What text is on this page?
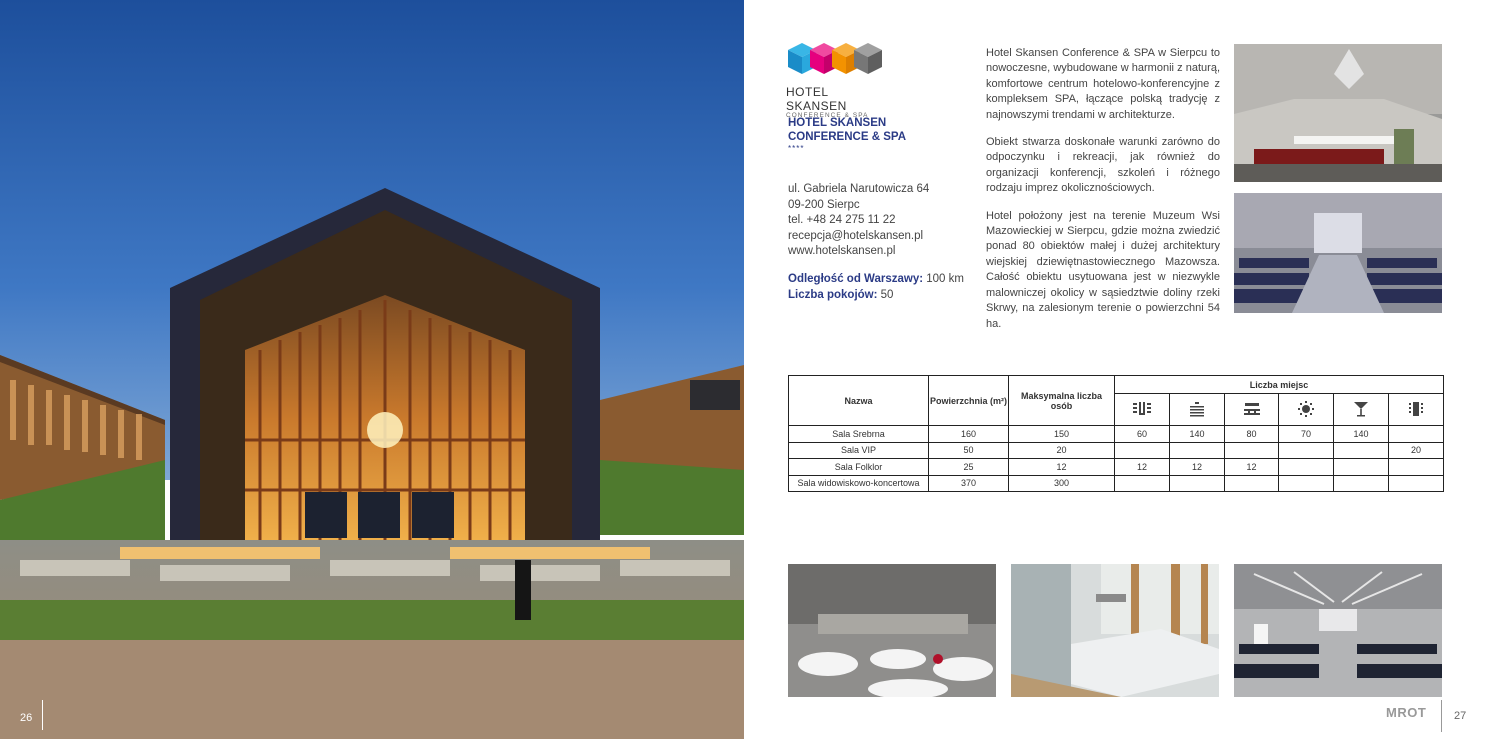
26
HOTEL SKANSEN
CONFERENCE & SPA
HOTEL SKANSEN CONFERENCE & SPA
****
ul. Gabriela Narutowicza 64
09-200 Sierpc
tel. +48 24 275 11 22
recepcja@hotelskansen.pl
www.hotelskansen.pl
Odległość od Warszawy: 100 km
Liczba pokojów: 50

Hotel Skansen Conference & SPA w Sierpcu to nowoczesne, wybudowane w harmonii z naturą, komfortowe centrum hotelowo-konferencyjne z kompleksem SPA, łączące polską tradycję z najnowszymi trendami w architekturze.

Obiekt stwarza doskonałe warunki zarówno do odpoczynku i rekreacji, jak również do organizacji konferencji, szkoleń i różnego rodzaju imprez okolicznościowych.

Hotel położony jest na terenie Muzeum Wsi Mazowieckiej w Sierpcu, gdzie można zwiedzić ponad 80 obiektów małej i dużej architektury wiejskiej dziewiętnastowiecznego Mazowsza. Całość obiektu usytuowana jest w niezwykle malowniczej okolicy w sąsiedztwie doliny rzeki Skrwy, na zalesionym terenie o powierzchni 54 ha.

Nazwa	Powierzchnia (m²)	Maksymalna liczba osób	Liczba miejsc					

Sala Srebrna	160	150	60	140	80	70	140	
Sala VIP	50	20						20
Sala Folklor	25	12	12	12	12			
Sala widowiskowo-koncertowa	370	300						
MROT	27
